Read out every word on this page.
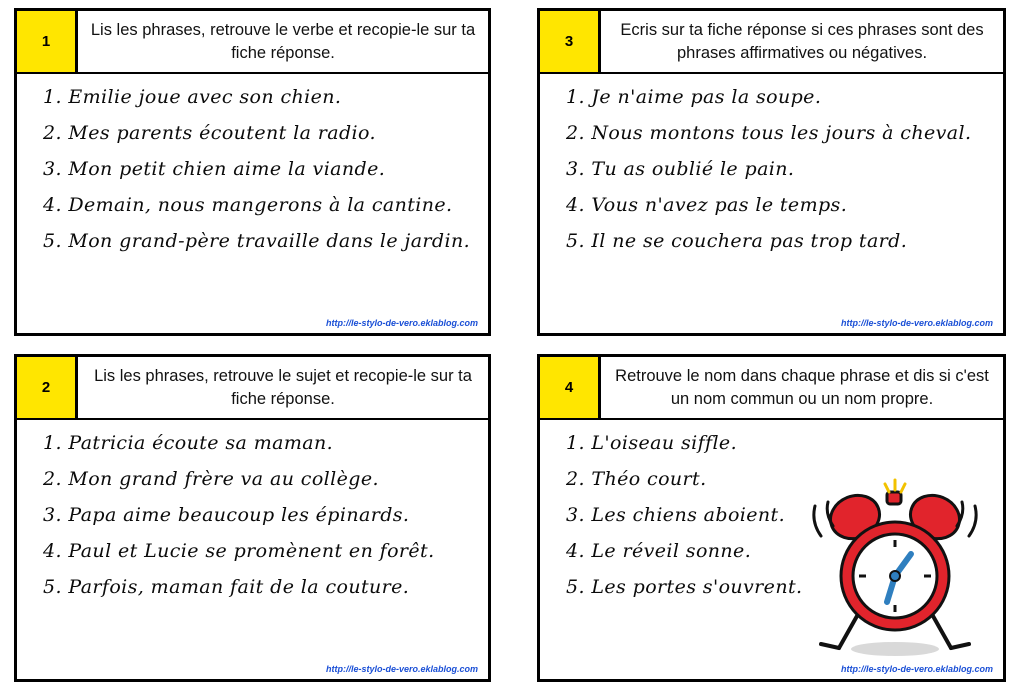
1
Lis les phrases, retrouve le verbe et recopie-le sur ta fiche réponse.

1. Emilie joue avec son chien.

2. Mes parents écoutent la radio.

3. Mon petit chien aime la viande.

4. Demain, nous mangerons à la cantine.

5. Mon grand-père travaille dans le jardin.

http://le-stylo-de-vero.eklablog.com
3
Ecris sur ta fiche réponse si ces phrases sont des phrases affirmatives ou négatives.

1. Je n'aime pas la soupe.

2. Nous montons tous les jours à cheval.

3. Tu as oublié le pain.

4. Vous n'avez pas le temps.

5. Il ne se couchera pas trop tard.

http://le-stylo-de-vero.eklablog.com
2
Lis les phrases, retrouve le sujet et recopie-le sur ta fiche réponse.

1. Patricia écoute sa maman.

2. Mon grand frère va au collège.

3. Papa aime beaucoup les épinards.

4. Paul et Lucie se promènent en forêt.

5. Parfois, maman fait de la couture.

http://le-stylo-de-vero.eklablog.com
4
Retrouve le nom dans chaque phrase et dis si c'est un nom commun ou un nom propre.

1. L'oiseau siffle.

2. Théo court.

3. Les chiens aboient.

4. Le réveil sonne.

5. Les portes s'ouvrent.

http://le-stylo-de-vero.eklablog.com
